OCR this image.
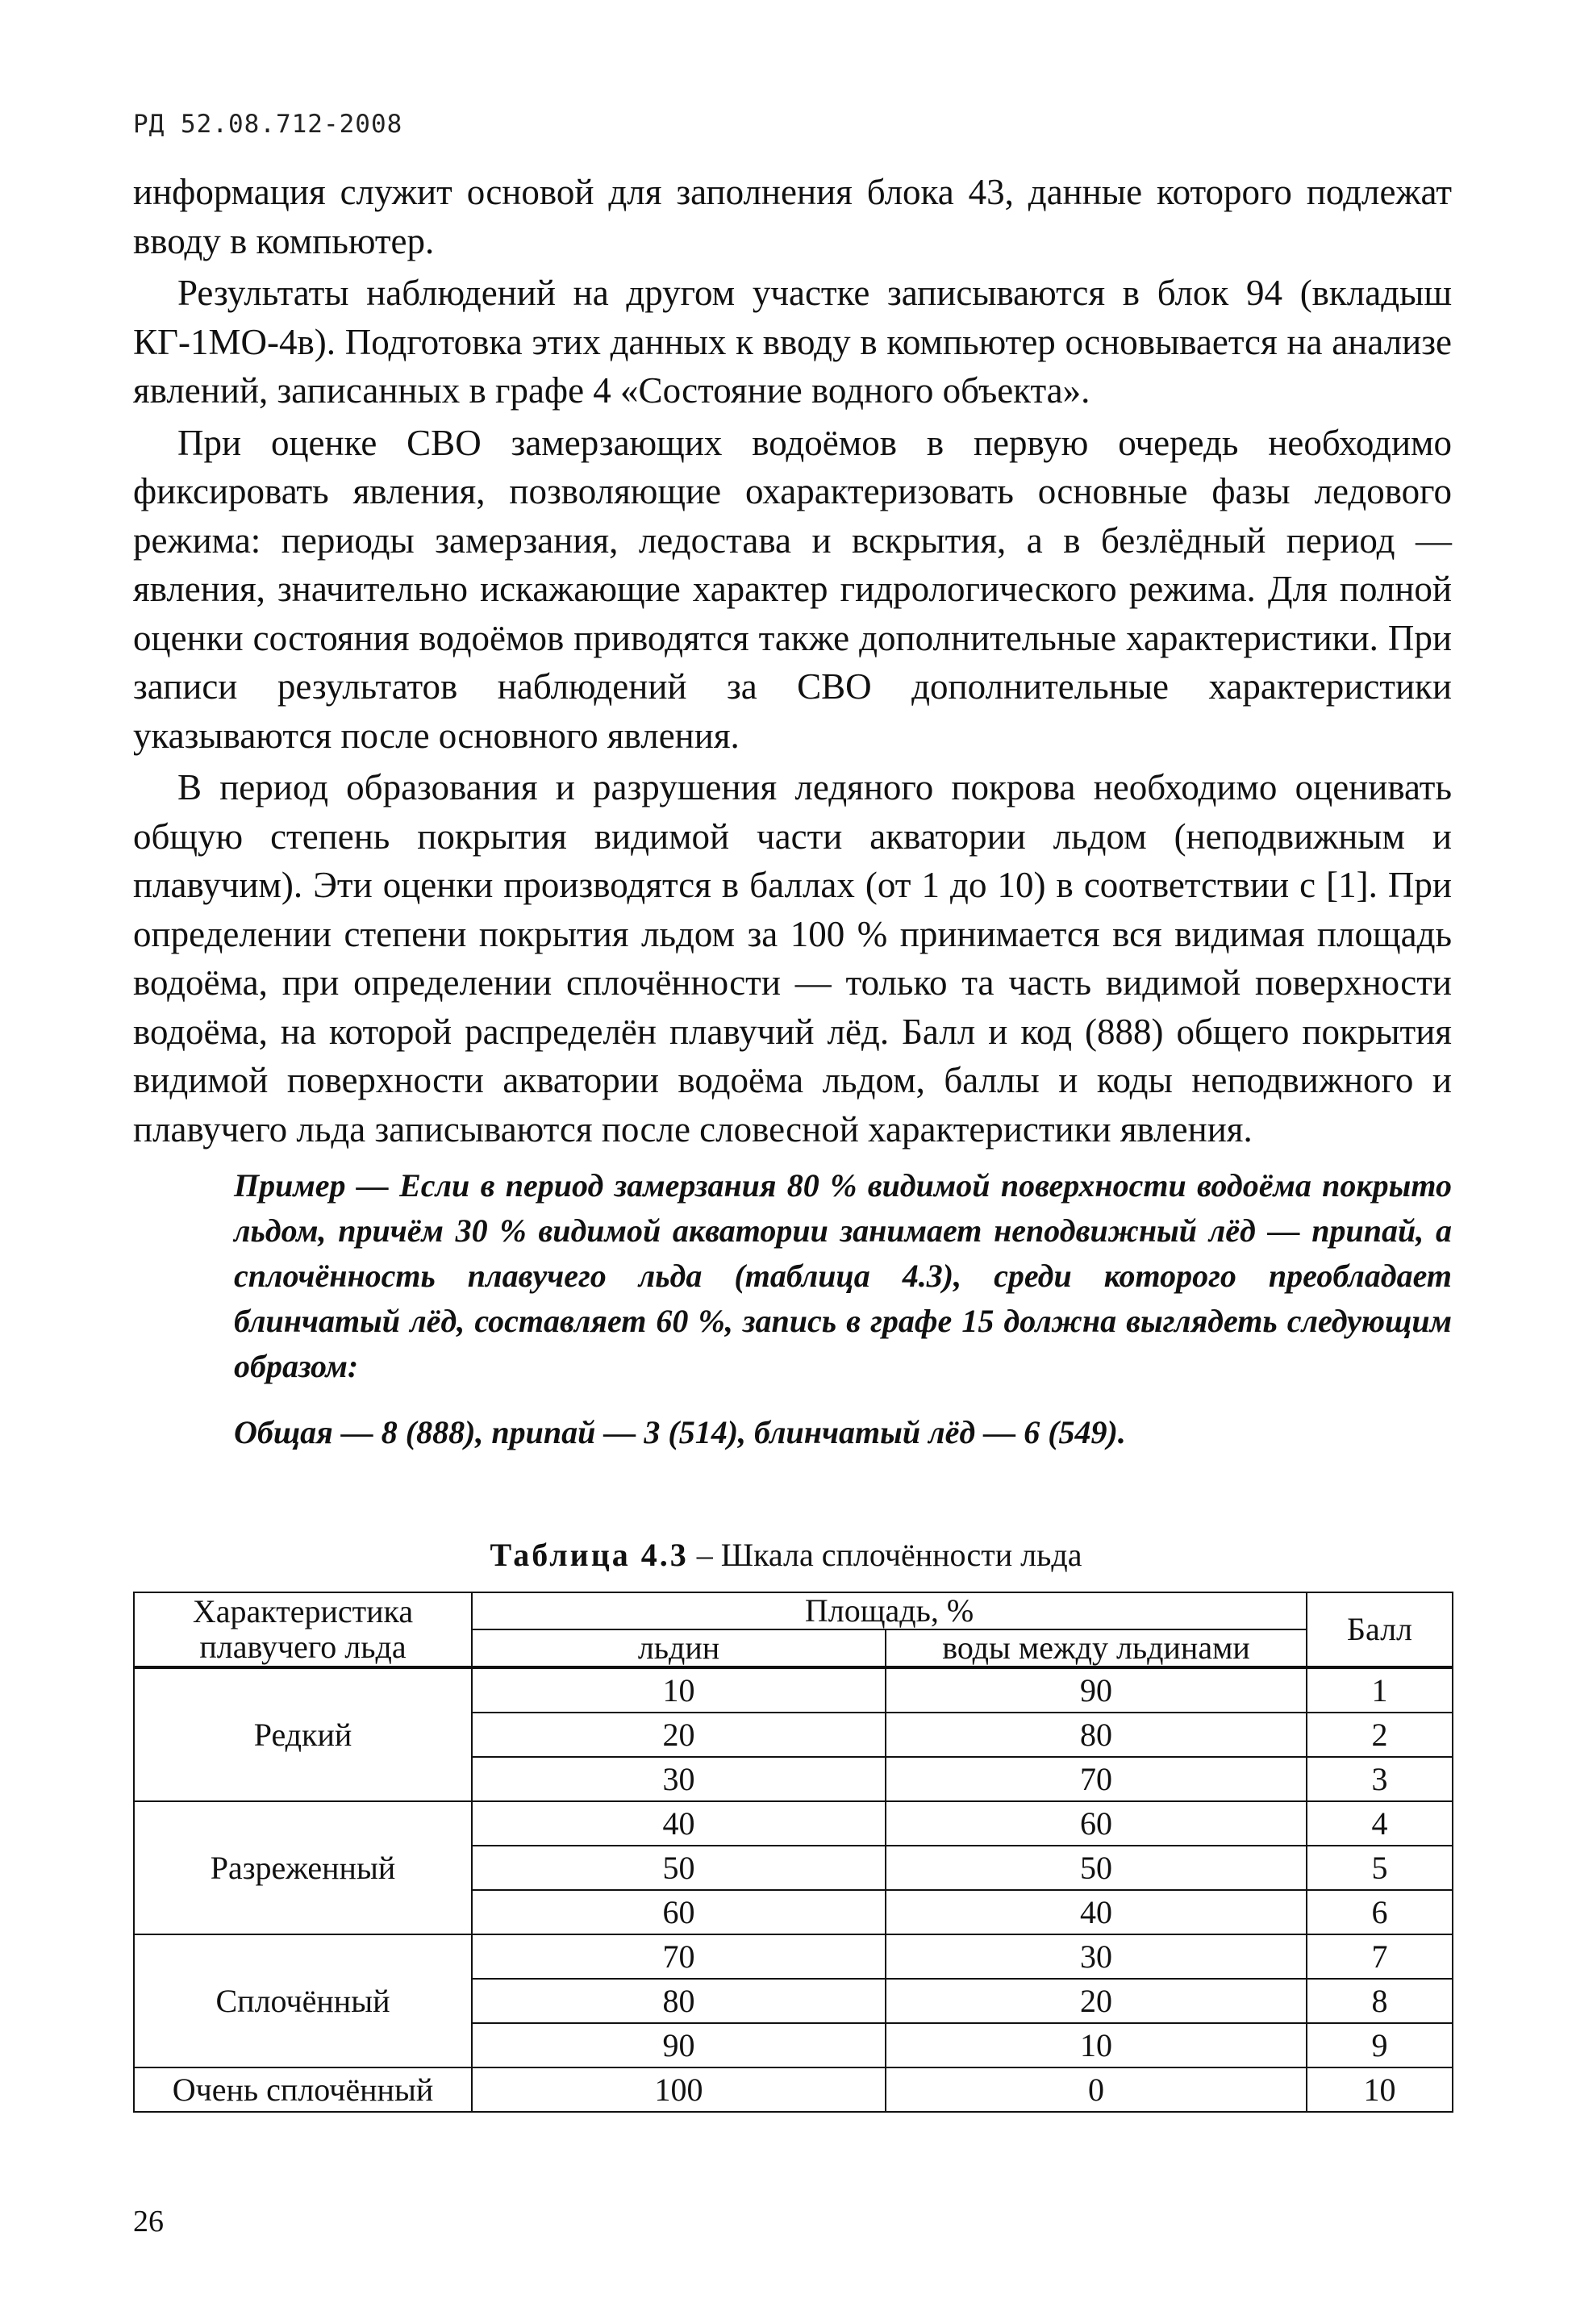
РД 52.08.712-2008

информация служит основой для заполнения блока 43, данные которого подлежат вводу в компьютер.

Результаты наблюдений на другом участке записываются в блок 94 (вкладыш КГ-1МО-4в). Подготовка этих данных к вводу в компьютер основывается на анализе явлений, записанных в графе 4 «Состояние водного объекта».

При оценке СВО замерзающих водоёмов в первую очередь необходимо фиксировать явления, позволяющие охарактеризовать основные фазы ледового режима: периоды замерзания, ледостава и вскрытия, а в безлёдный период — явления, значительно искажающие характер гидрологического режима. Для полной оценки состояния водоёмов приводятся также дополнительные характеристики. При записи результатов наблюдений за СВО дополнительные характеристики указываются после основного явления.

В период образования и разрушения ледяного покрова необходимо оценивать общую степень покрытия видимой части акватории льдом (неподвижным и плавучим). Эти оценки производятся в баллах (от 1 до 10) в соответствии с [1]. При определении степени покрытия льдом за 100 % принимается вся видимая площадь водоёма, при определении сплочённости — только та часть видимой поверхности водоёма, на которой распределён плавучий лёд. Балл и код (888) общего покрытия видимой поверхности акватории водоёма льдом, баллы и коды неподвижного и плавучего льда записываются после словесной характеристики явления.

Пример — Если в период замерзания 80 % видимой поверхности водоёма покрыто льдом, причём 30 % видимой акватории занимает неподвижный лёд — припай, а сплочённость плавучего льда (таблица 4.3), среди которого преобладает блинчатый лёд, составляет 60 %, запись в графе 15 должна выглядеть следующим образом:

Общая — 8 (888), припай — 3 (514), блинчатый лёд — 6 (549).

Таблица 4.3 – Шкала сплочённости льда
Характеристика плавучего льда	Площадь, %		Балл
	льдин	воды между льдинами	
Редкий	10	90	1
	20	80	2
	30	70	3
Разреженный	40	60	4
	50	50	5
	60	40	6
Сплочённый	70	30	7
	80	20	8
	90	10	9
Очень сплочённый	100	0	10
26
